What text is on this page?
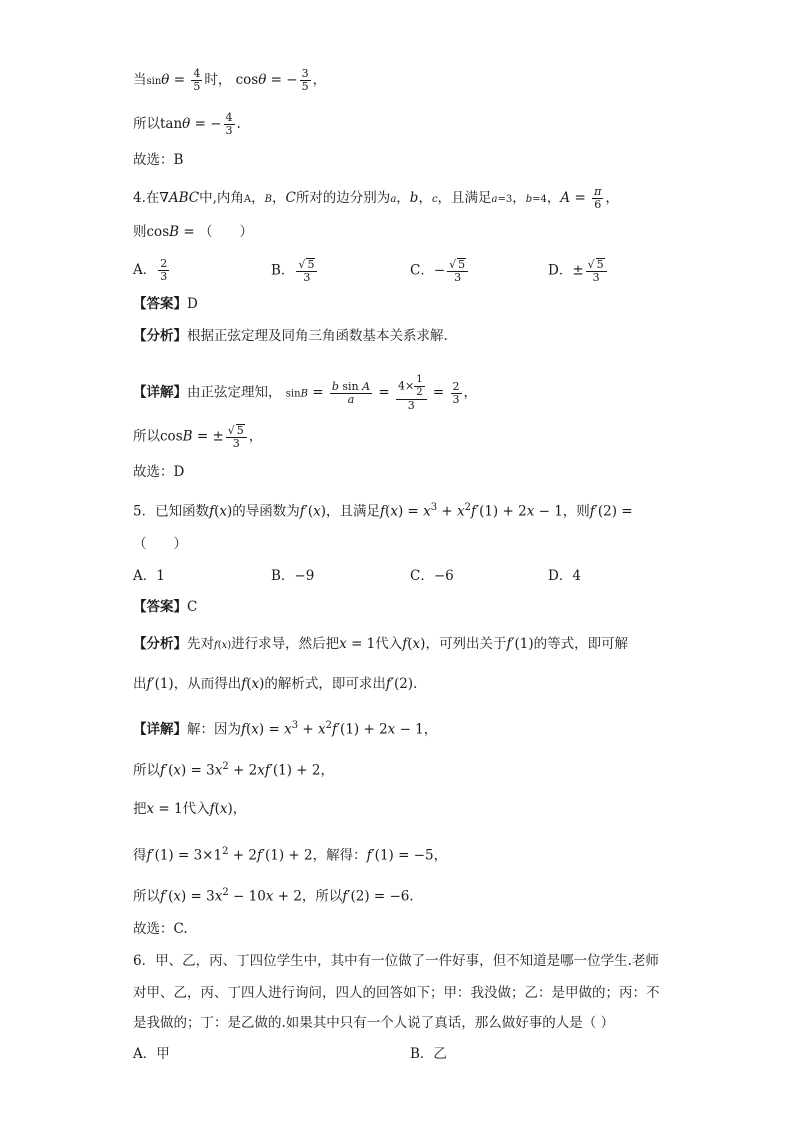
当$\sin\theta = \frac{4}{5}$ 时， cosθ = − $\frac{3}{5}$ ，
所以tanθ = − $\frac{4}{3}$ .
故选：B
4.在∇ABC中,内角A，B，C所对的边分别为a，b，c，且满足a=3，b=4，$A = \frac{\pi}{6}$ ，
则cosB = （　　）
A． $\frac{2}{3}$	B． $\frac{√ 5}{3}$	C．− $\frac{√ 5}{3}$	D．± $\frac{√ 5}{3}$
【答案】D
【分析】根据正弦定理及同角三角函数基本关系求解.
【详解】由正弦定理知， $\sin B = \frac{\text{b sin A}}{a} = \frac{4\times \frac{1}{2}}{3} = \frac{2}{3}$ ，
所以cosB = ± $\frac{√ 5}{3}$ ，
故选：D
5．已知函数f(x)的导函数为f′(x)，且满足$f(x) = x^3 + x^2f'(1) + 2x - 1$，则f′(2) =
（　　）
A．1	B．−9	C．−6	D．4
【答案】C
【分析】先对f(x)进行求导，然后把x = 1代入f(x)，可列出关于f′(1)的等式，即可解
出f′(1)，从而得出f(x)的解析式，即可求出f′(2).
【详解】解：因为$f(x) = x^3 + x^2f'(1) + 2x - 1$，
所以$f'(x) = 3x^2 + 2xf'(1) + 2$，
把x = 1代入f(x)，
得$f'(1) = 3\times 1^2 + 2f'(1) + 2$，解得：f′(1) = −5，
所以$f'(x) = 3x^2 - 10x + 2$，所以f′(2) = −6.
故选：C.
6．甲、乙，丙、丁四位学生中，其中有一位做了一件好事，但不知道是哪一位学生.老师
对甲、乙，丙、丁四人进行询问，四人的回答如下；甲：我没做；乙：是甲做的；丙：不
是我做的；丁：是乙做的.如果其中只有一个人说了真话，那么做好事的人是（ ）
A．甲	B．乙
